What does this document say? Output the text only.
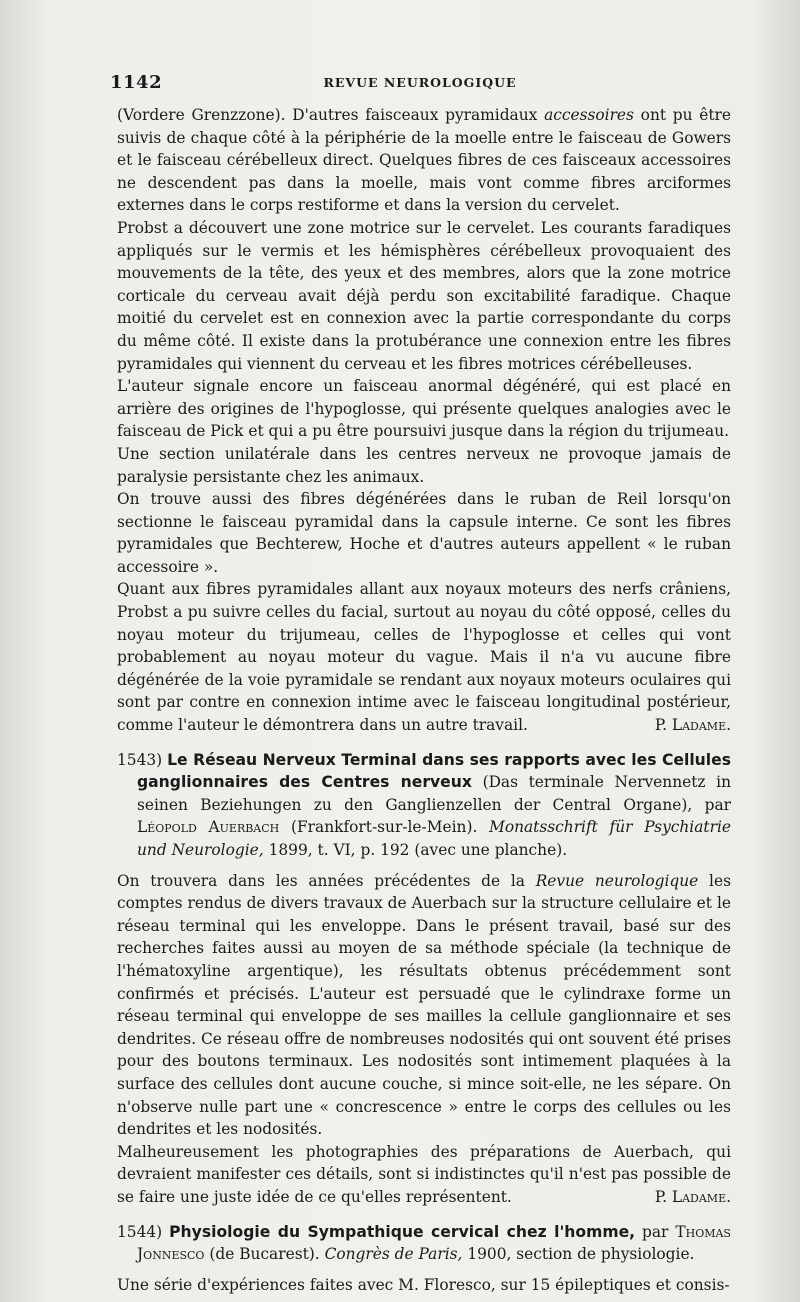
1142	REVUE NEUROLOGIQUE

(Vordere Grenzzone). D'autres faisceaux pyramidaux accessoires ont pu être suivis de chaque côté à la périphérie de la moelle entre le faisceau de Gowers et le faisceau cérébelleux direct. Quelques fibres de ces faisceaux accessoires ne descendent pas dans la moelle, mais vont comme fibres arciformes externes dans le corps restiforme et dans la version du cervelet.

Probst a découvert une zone motrice sur le cervelet. Les courants faradiques appliqués sur le vermis et les hémisphères cérébelleux provoquaient des mouvements de la tête, des yeux et des membres, alors que la zone motrice corticale du cerveau avait déjà perdu son excitabilité faradique. Chaque moitié du cervelet est en connexion avec la partie correspondante du corps du même côté. Il existe dans la protubérance une connexion entre les fibres pyramidales qui viennent du cerveau et les fibres motrices cérébelleuses.

L'auteur signale encore un faisceau anormal dégénéré, qui est placé en arrière des origines de l'hypoglosse, qui présente quelques analogies avec le faisceau de Pick et qui a pu être poursuivi jusque dans la région du trijumeau.

Une section unilatérale dans les centres nerveux ne provoque jamais de paralysie persistante chez les animaux.

On trouve aussi des fibres dégénérées dans le ruban de Reil lorsqu'on sectionne le faisceau pyramidal dans la capsule interne. Ce sont les fibres pyramidales que Bechterew, Hoche et d'autres auteurs appellent « le ruban accessoire ».

Quant aux fibres pyramidales allant aux noyaux moteurs des nerfs crâniens, Probst a pu suivre celles du facial, surtout au noyau du côté opposé, celles du noyau moteur du trijumeau, celles de l'hypoglosse et celles qui vont probablement au noyau moteur du vague. Mais il n'a vu aucune fibre dégénérée de la voie pyramidale se rendant aux noyaux moteurs oculaires qui sont par contre en connexion intime avec le faisceau longitudinal postérieur, comme l'auteur le démontrera dans un autre travail.	P. Ladame.

1543) Le Réseau Nerveux Terminal dans ses rapports avec les Cellules ganglionnaires des Centres nerveux (Das terminale Nervennetz in seinen Beziehungen zu den Ganglienzellen der Central Organe), par Léopold Auerbach (Frankfort-sur-le-Mein). Monatsschrift für Psychiatrie und Neurologie, 1899, t. VI, p. 192 (avec une planche).

On trouvera dans les années précédentes de la Revue neurologique les comptes rendus de divers travaux de Auerbach sur la structure cellulaire et le réseau terminal qui les enveloppe. Dans le présent travail, basé sur des recherches faites aussi au moyen de sa méthode spéciale (la technique de l'hématoxyline argentique), les résultats obtenus précédemment sont confirmés et précisés. L'auteur est persuadé que le cylindraxe forme un réseau terminal qui enveloppe de ses mailles la cellule ganglionnaire et ses dendrites. Ce réseau offre de nombreuses nodosités qui ont souvent été prises pour des boutons terminaux. Les nodosités sont intimement plaquées à la surface des cellules dont aucune couche, si mince soit-elle, ne les sépare. On n'observe nulle part une « concrescence » entre le corps des cellules ou les dendrites et les nodosités.

Malheureusement les photographies des préparations de Auerbach, qui devraient manifester ces détails, sont si indistinctes qu'il n'est pas possible de se faire une juste idée de ce qu'elles représentent.	P. Ladame.

1544) Physiologie du Sympathique cervical chez l'homme, par Thomas Jonnesco (de Bucarest). Congrès de Paris, 1900, section de physiologie.

Une série d'expériences faites avec M. Floresco, sur 15 épileptiques et consis-
